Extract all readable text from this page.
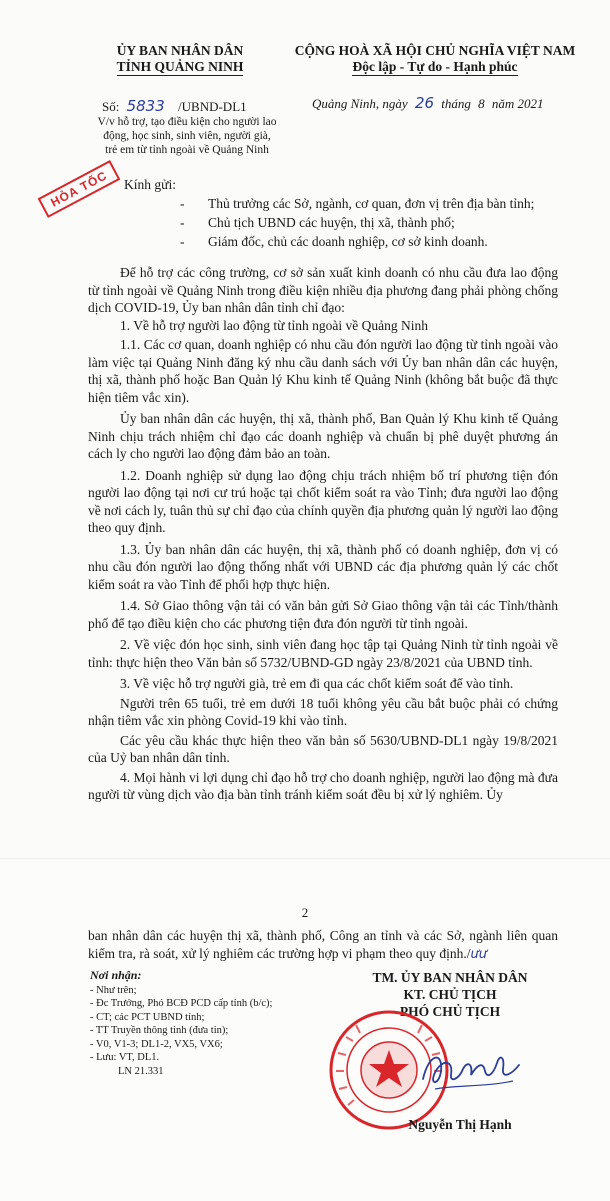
ỦY BAN NHÂN DÂN
TỈNH QUẢNG NINH
CỘNG HOÀ XÃ HỘI CHỦ NGHĨA VIỆT NAM
Độc lập - Tự do - Hạnh phúc
Số: 5833 /UBND-DL1
V/v hỗ trợ, tạo điều kiện cho người lao động, học sinh, sinh viên, người già, trẻ em từ tỉnh ngoài về Quảng Ninh
Quảng Ninh, ngày 26 tháng 8 năm 2021
HỎA TỐC	Kính gửi:
-	Thủ trưởng các Sở, ngành, cơ quan, đơn vị trên địa bàn tỉnh;
-	Chủ tịch UBND các huyện, thị xã, thành phố;
-	Giám đốc, chủ các doanh nghiệp, cơ sở kinh doanh.

Để hỗ trợ các công trường, cơ sở sản xuất kinh doanh có nhu cầu đưa lao động từ tỉnh ngoài về Quảng Ninh trong điều kiện nhiều địa phương đang phải phòng chống dịch COVID-19, Ủy ban nhân dân tỉnh chỉ đạo:

1. Về hỗ trợ người lao động từ tỉnh ngoài về Quảng Ninh

1.1. Các cơ quan, doanh nghiệp có nhu cầu đón người lao động từ tỉnh ngoài vào làm việc tại Quảng Ninh đăng ký nhu cầu danh sách với Ủy ban nhân dân các huyện, thị xã, thành phố hoặc Ban Quản lý Khu kinh tế Quảng Ninh (không bắt buộc đã thực hiện tiêm vắc xin).

Ủy ban nhân dân các huyện, thị xã, thành phố, Ban Quản lý Khu kinh tế Quảng Ninh chịu trách nhiệm chỉ đạo các doanh nghiệp và chuẩn bị phê duyệt phương án cách ly cho người lao động đảm bảo an toàn.

1.2. Doanh nghiệp sử dụng lao động chịu trách nhiệm bố trí phương tiện đón người lao động tại nơi cư trú hoặc tại chốt kiểm soát ra vào Tỉnh; đưa người lao động về nơi cách ly, tuân thủ sự chỉ đạo của chính quyền địa phương quản lý người lao động theo quy định.

1.3. Ủy ban nhân dân các huyện, thị xã, thành phố có doanh nghiệp, đơn vị có nhu cầu đón người lao động thống nhất với UBND các địa phương quản lý các chốt kiểm soát ra vào Tỉnh để phối hợp thực hiện.

1.4. Sở Giao thông vận tải có văn bản gửi Sở Giao thông vận tải các Tỉnh/thành phố để tạo điều kiện cho các phương tiện đưa đón người từ tỉnh ngoài.

2. Về việc đón học sinh, sinh viên đang học tập tại Quảng Ninh từ tỉnh ngoài về tỉnh: thực hiện theo Văn bản số 5732/UBND-GD ngày 23/8/2021 của UBND tỉnh.

3. Về việc hỗ trợ người già, trẻ em đi qua các chốt kiểm soát để vào tỉnh.

Người trên 65 tuổi, trẻ em dưới 18 tuổi không yêu cầu bắt buộc phải có chứng nhận tiêm vắc xin phòng Covid-19 khi vào tỉnh.

Các yêu cầu khác thực hiện theo văn bản số 5630/UBND-DL1 ngày 19/8/2021 của Uỷ ban nhân dân tỉnh.

4. Mọi hành vi lợi dụng chỉ đạo hỗ trợ cho doanh nghiệp, người lao động mà đưa người từ vùng dịch vào địa bàn tỉnh tránh kiểm soát đều bị xử lý nghiêm. Ủy

2
ban nhân dân các huyện thị xã, thành phố, Công an tỉnh và các Sở, ngành liên quan kiểm tra, rà soát, xử lý nghiêm các trường hợp vi phạm theo quy định./ưư
Nơi nhận:
- Như trên;
- Đc Trưởng, Phó BCĐ PCD cấp tỉnh (b/c);
- CT; các PCT UBND tỉnh;
- TT Truyền thông tỉnh (đưa tin);
- V0, V1-3; DL1-2, VX5, VX6;
- Lưu: VT, DL1.
LN 21.331
TM. ỦY BAN NHÂN DÂN
KT. CHỦ TỊCH
PHÓ CHỦ TỊCH
Nguyễn Thị Hạnh
